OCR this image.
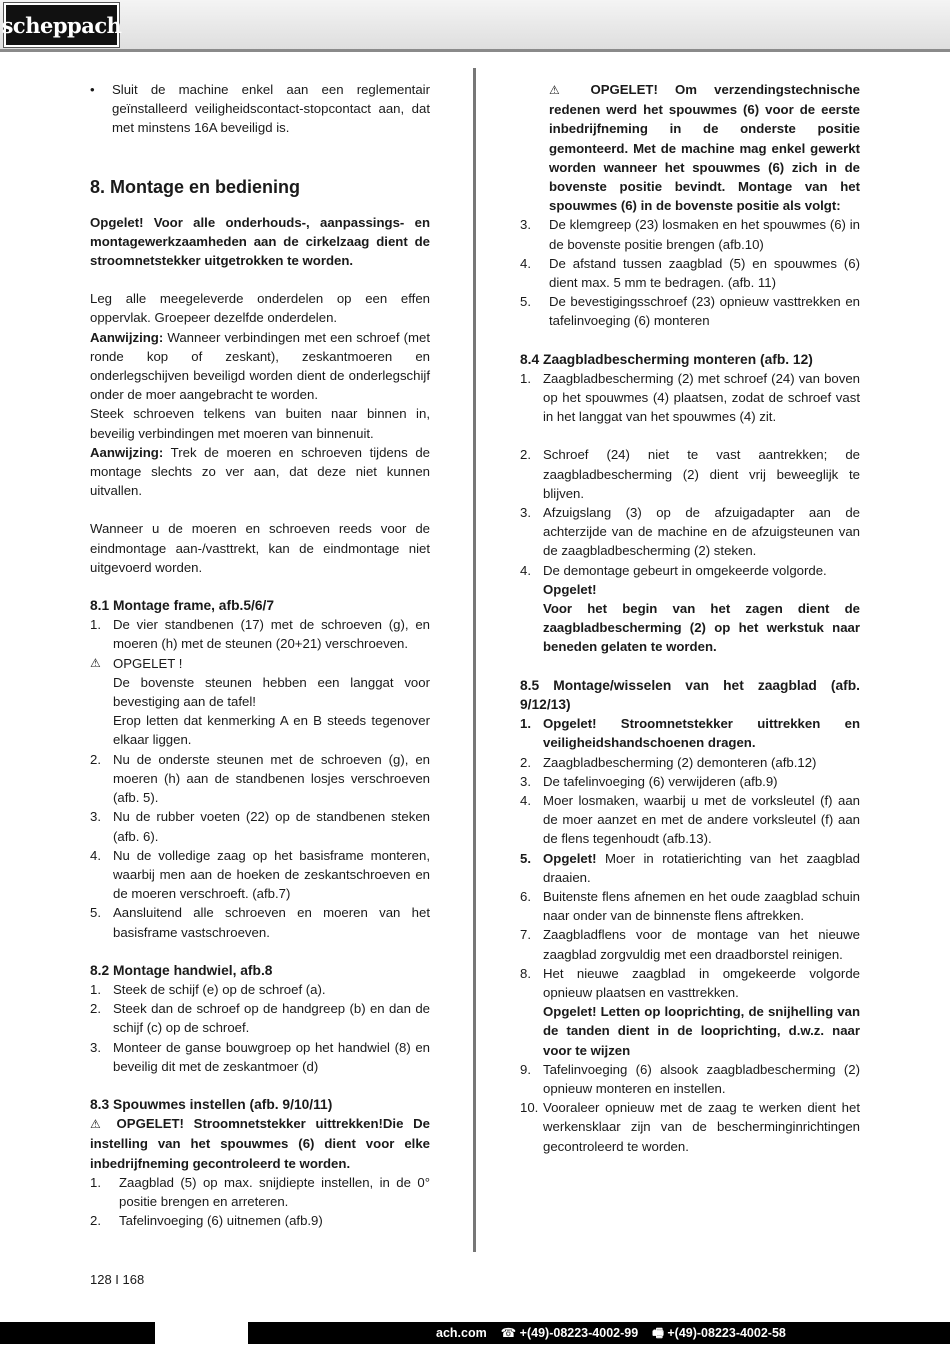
scheppach
•	Sluit de machine enkel aan een reglementair geïnstalleerd veiligheidscontact-stopcontact aan, dat met minstens 16A beveiligd is.
8. Montage en bediening

Opgelet! Voor alle onderhouds-, aanpassings- en montagewerkzaamheden aan de cirkelzaag dient de stroomnetstekker uitgetrokken te worden.

Leg alle meegeleverde onderdelen op een effen oppervlak. Groepeer dezelfde onderdelen.

Aanwijzing: Wanneer verbindingen met een schroef (met ronde kop of zeskant), zeskantmoeren en onderlegschijven beveiligd worden dient de onderlegschijf onder de moer aangebracht te worden.

Steek schroeven telkens van buiten naar binnen in, beveilig verbindingen met moeren van binnenuit.

Aanwijzing: Trek de moeren en schroeven tijdens de montage slechts zo ver aan, dat deze niet kunnen uitvallen.

Wanneer u de moeren en schroeven reeds voor de eindmontage aan-/vasttrekt, kan de eindmontage niet uitgevoerd worden.

8.1 Montage frame, afb.5/6/7
1. De vier standbenen (17) met de schroeven (g), en moeren (h) met de steunen (20+21) verschroeven.
⚠ OPGELET !

De bovenste steunen hebben een langgat voor bevestiging aan de tafel!

Erop letten dat kenmerking A en B steeds tegenover elkaar liggen.

2. Nu de onderste steunen met de schroeven (g), en moeren (h) aan de standbenen losjes verschroeven (afb. 5).
3. Nu de rubber voeten (22) op de standbenen steken (afb. 6).
4. Nu de volledige zaag op het basisframe monteren, waarbij men aan de hoeken de zeskantschroeven en de moeren verschroeft. (afb.7)
5. Aansluitend alle schroeven en moeren van het basisframe vastschroeven.
8.2 Montage handwiel, afb.8
1. Steek de schijf (e) op de schroef (a).
2. Steek dan de schroef op de handgreep (b) en dan de schijf (c) op de schroef.
3. Monteer de ganse bouwgroep op het handwiel (8) en beveilig dit met de zeskantmoer (d)
8.3 Spouwmes instellen (afb. 9/10/11)

⚠ OPGELET! Stroomnetstekker uittrekken!Die De instelling van het spouwmes (6) dient voor elke inbedrijfneming gecontroleerd te worden.

1.	Zaagblad (5) op max. snijdiepte instellen, in de 0° positie brengen en arreteren.
2.	Tafelinvoeging (6) uitnemen (afb.9)

⚠ OPGELET! Om verzendingstechnische redenen werd het spouwmes (6) voor de eerste inbedrijfneming in de onderste positie gemonteerd. Met de machine mag enkel gewerkt worden wanneer het spouwmes (6) zich in de bovenste positie bevindt. Montage van het spouwmes (6) in de bovenste positie als volgt:

3.	De klemgreep (23) losmaken en het spouwmes (6) in de bovenste positie brengen (afb.10)
4.	De afstand tussen zaagblad (5) en spouwmes (6) dient max. 5 mm te bedragen. (afb. 11)
5.	De bevestigingsschroef (23) opnieuw vasttrekken en tafelinvoeging (6) monteren
8.4 Zaagbladbescherming monteren (afb. 12)
1. Zaagbladbescherming (2) met schroef (24) van boven op het spouwmes (4) plaatsen, zodat de schroef vast in het langgat van het spouwmes (4) zit.
2. Schroef (24) niet te vast aantrekken; de zaagbladbescherming (2) dient vrij beweeglijk te blijven.
3. Afzuigslang (3) op de afzuigadapter aan de achterzijde van de machine en de afzuigsteunen van de zaagbladbescherming (2) steken.
4. De demontage gebeurt in omgekeerde volgorde.

Opgelet!

Voor het begin van het zagen dient de zaagbladbescherming (2) op het werkstuk naar beneden gelaten te worden.

8.5 Montage/wisselen van het zaagblad (afb. 9/12/13)
1. Opgelet! Stroomnetstekker uittrekken en veiligheidshandschoenen dragen.
2. Zaagbladbescherming (2) demonteren (afb.12)
3. De tafelinvoeging (6) verwijderen (afb.9)
4. Moer losmaken, waarbij u met de vorksleutel (f) aan de moer aanzet en met de andere vorksleutel (f) aan de flens tegenhoudt (afb.13).
5. Opgelet! Moer in rotatierichting van het zaagblad draaien.
6. Buitenste flens afnemen en het oude zaagblad schuin naar onder van de binnenste flens aftrekken.
7. Zaagbladflens voor de montage van het nieuwe zaagblad zorgvuldig met een draadborstel reinigen.
8. Het nieuwe zaagblad in omgekeerde volgorde opnieuw plaatsen en vasttrekken.

Opgelet! Letten op looprichting, de snijhelling van de tanden dient in de looprichting, d.w.z. naar voor te wijzen

9. Tafelinvoeging (6) alsook zaagbladbescherming (2) opnieuw monteren en instellen.
10. Vooraleer opnieuw met de zaag te werken dient het werkensklaar zijn van de bescherminginrichtingen gecontroleerd te worden.
128 I 168
ach.com ☎ +(49)-08223-4002-99 🖷 +(49)-08223-4002-58
